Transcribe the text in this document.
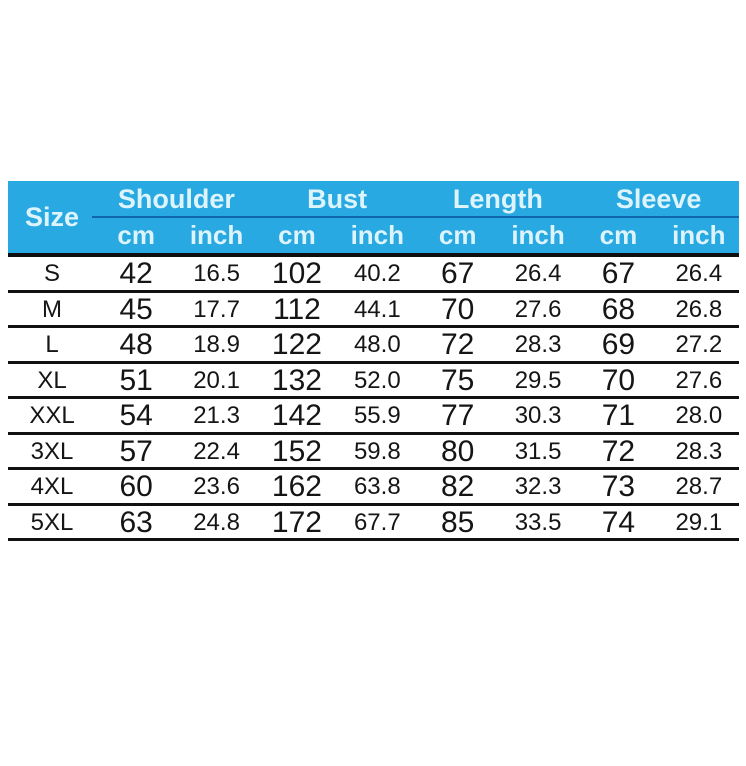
Size
Shoulder	Bust	Length	Sleeve
cm	inch	cm	inch	cm	inch	cm	inch
S	42	16.5	102	40.2	67	26.4	67	26.4
M	45	17.7	112	44.1	70	27.6	68	26.8
L	48	18.9	122	48.0	72	28.3	69	27.2
XL	51	20.1	132	52.0	75	29.5	70	27.6
XXL	54	21.3	142	55.9	77	30.3	71	28.0
3XL	57	22.4	152	59.8	80	31.5	72	28.3
4XL	60	23.6	162	63.8	82	32.3	73	28.7
5XL	63	24.8	172	67.7	85	33.5	74	29.1
